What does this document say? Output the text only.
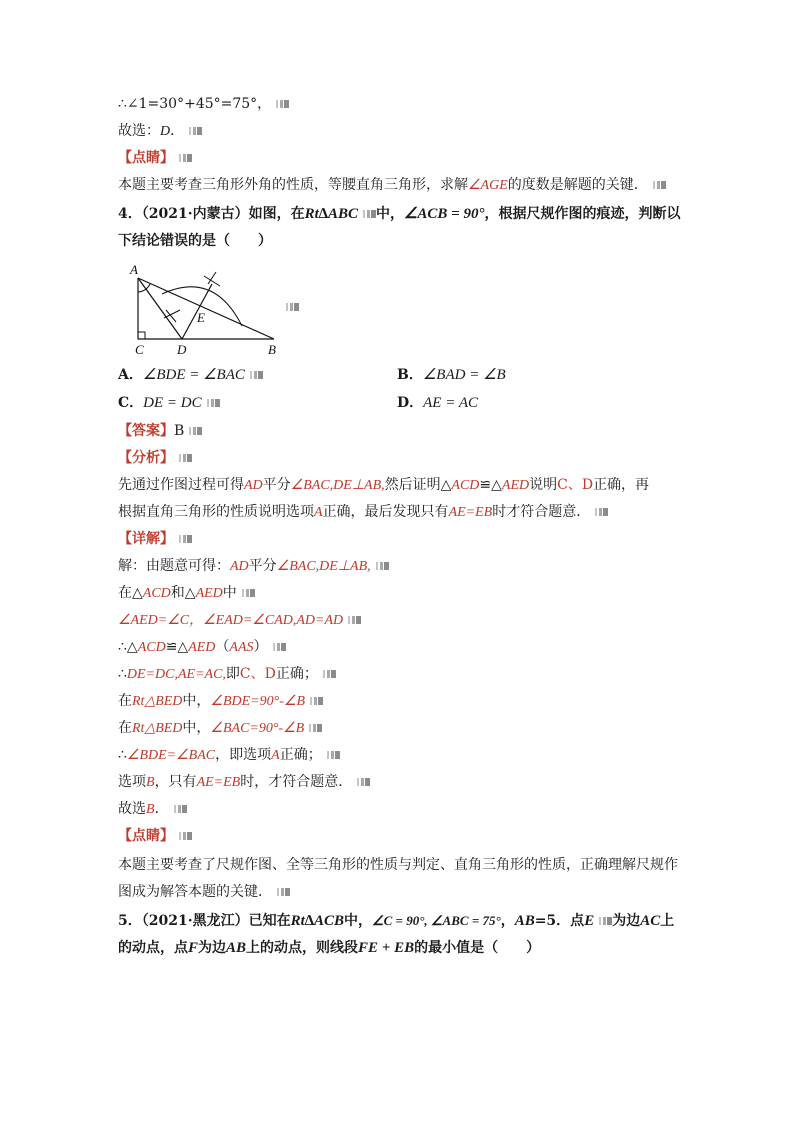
∴∠1=30°+45°=75°，
故选：D．
【点睛】
本题主要考查三角形外角的性质，等腰直角三角形，求解∠AGE的度数是解题的关键．
4．（2021·内蒙古）如图，在Rt∆ABC 中，∠ACB = 90°，根据尺规作图的痕迹，判断以
下结论错误的是（　　）
A
C	D	B
E
A．∠BDE = ∠BAC	B．∠BAD = ∠B
C．DE = DC	D．AE = AC
【答案】B
【分析】
先通过作图过程可得AD平分∠BAC,DE⊥AB,然后证明△ACD≌△AED说明C、D正确，再
根据直角三角形的性质说明选项A正确，最后发现只有AE=EB时才符合题意．
【详解】
解：由题意可得：AD平分∠BAC,DE⊥AB,
在△ACD和△AED中
∠AED=∠C，∠EAD=∠CAD,AD=AD
∴△ACD≌△AED（AAS）
∴DE=DC,AE=AC,即C、D正确；
在Rt△BED中，∠BDE=90°-∠B
在Rt△BED中，∠BAC=90°-∠B
∴∠BDE=∠BAC，即选项A正确；
选项B，只有AE=EB时，才符合题意．
故选B．
【点睛】
本题主要考查了尺规作图、全等三角形的性质与判定、直角三角形的性质，正确理解尺规作
图成为解答本题的关键．
5．（2021·黑龙江）已知在Rt∆ACB中，∠C = 90°, ∠ABC = 75°，AB=5．点E 为边AC上
的动点，点F为边AB上的动点，则线段FE + EB的最小值是（　　）
